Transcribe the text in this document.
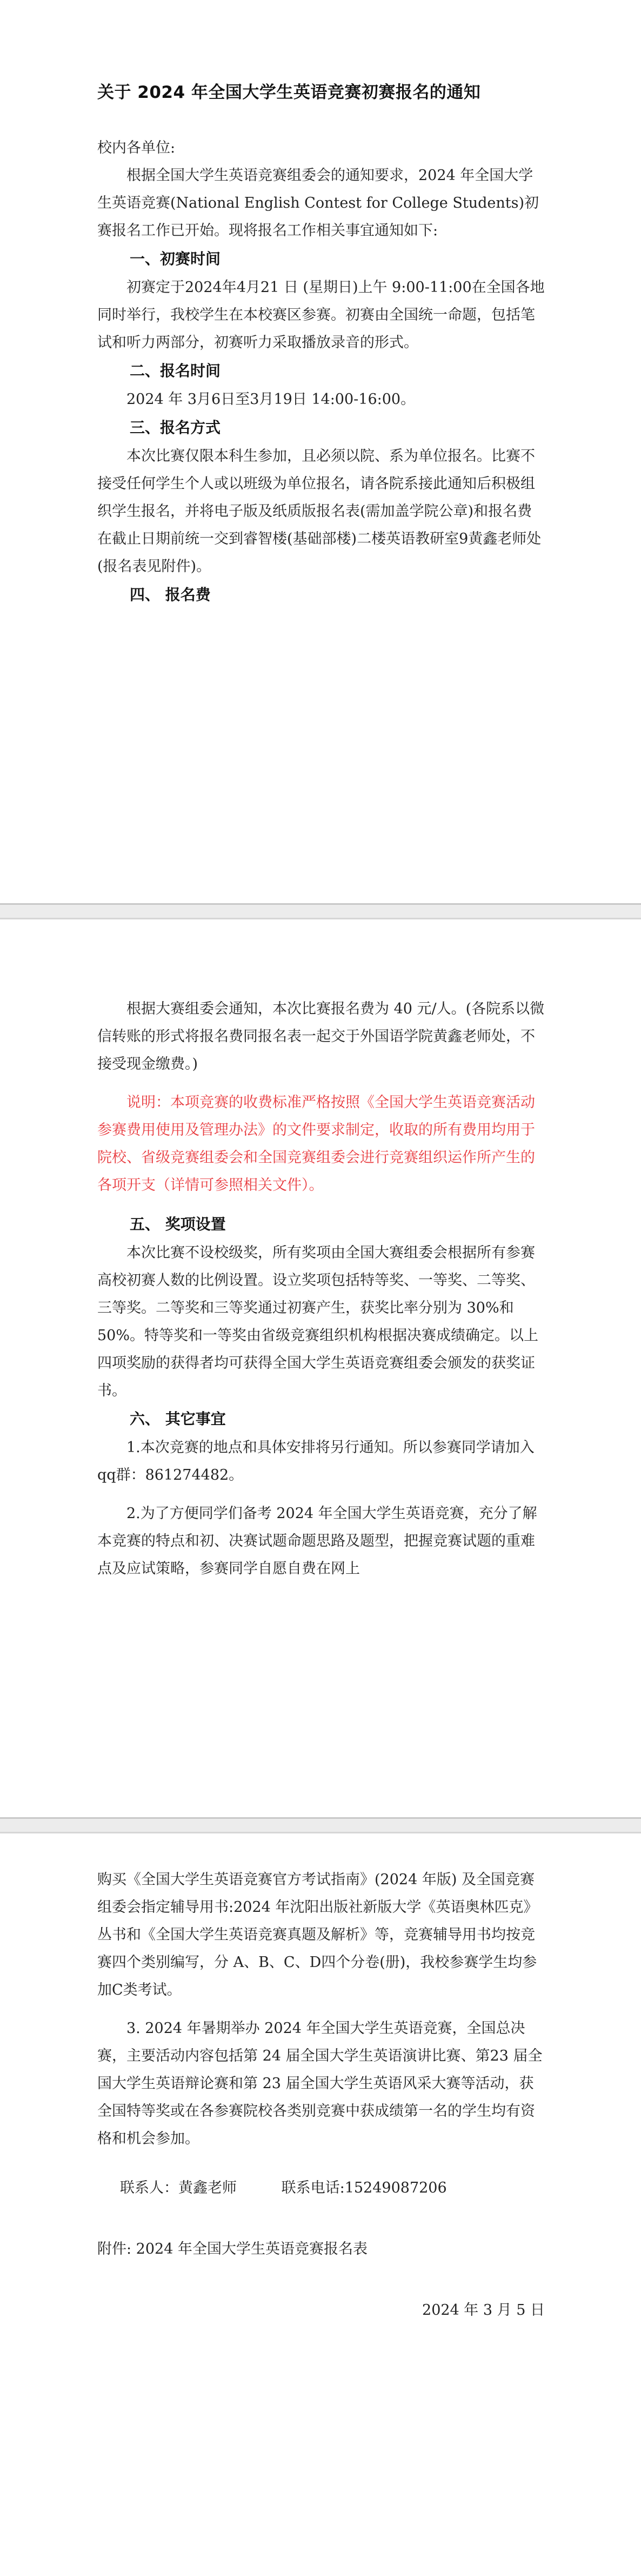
关于 2024 年全国大学生英语竞赛初赛报名的通知

校内各单位:

根据全国大学生英语竞赛组委会的通知要求，2024 年全国大学生英语竞赛(National English Contest for College Students)初赛报名工作已开始。现将报名工作相关事宜通知如下:

一、初赛时间

初赛定于2024年4月21 日 (星期日)上午 9:00-11:00在全国各地同时举行，我校学生在本校赛区参赛。初赛由全国统一命题，包括笔试和听力两部分，初赛听力采取播放录音的形式。

二、报名时间

2024 年 3月6日至3月19日 14:00-16:00。

三、报名方式

本次比赛仅限本科生参加，且必须以院、系为单位报名。比赛不接受任何学生个人或以班级为单位报名，请各院系接此通知后积极组织学生报名，并将电子版及纸质版报名表(需加盖学院公章)和报名费在截止日期前统一交到睿智楼(基础部楼)二楼英语教研室9黄鑫老师处(报名表见附件)。

四、 报名费

根据大赛组委会通知，本次比赛报名费为 40 元/人。(各院系以微信转账的形式将报名费同报名表一起交于外国语学院黄鑫老师处，不接受现金缴费。)

说明：本项竞赛的收费标准严格按照《全国大学生英语竞赛活动参赛费用使用及管理办法》的文件要求制定，收取的所有费用均用于院校、省级竞赛组委会和全国竞赛组委会进行竞赛组织运作所产生的各项开支（详情可参照相关文件）。

五、 奖项设置

本次比赛不设校级奖，所有奖项由全国大赛组委会根据所有参赛高校初赛人数的比例设置。设立奖项包括特等奖、一等奖、二等奖、三等奖。二等奖和三等奖通过初赛产生，获奖比率分别为 30%和 50%。特等奖和一等奖由省级竞赛组织机构根据决赛成绩确定。以上四项奖励的获得者均可获得全国大学生英语竞赛组委会颁发的获奖证书。

六、 其它事宜

1.本次竞赛的地点和具体安排将另行通知。所以参赛同学请加入qq群：861274482。

2.为了方便同学们备考 2024 年全国大学生英语竞赛，充分了解本竞赛的特点和初、决赛试题命题思路及题型，把握竞赛试题的重难点及应试策略，参赛同学自愿自费在网上

购买《全国大学生英语竞赛官方考试指南》(2024 年版) 及全国竞赛组委会指定辅导用书:2024 年沈阳出版社新版大学《英语奥林匹克》丛书和《全国大学生英语竞赛真题及解析》等，竞赛辅导用书均按竞赛四个类别编写，分 A、B、C、D四个分卷(册)，我校参赛学生均参加C类考试。

3. 2024 年暑期举办 2024 年全国大学生英语竞赛，全国总决赛，主要活动内容包括第 24 届全国大学生英语演讲比赛、第23 届全国大学生英语辩论赛和第 23 届全国大学生英语风采大赛等活动，获全国特等奖或在各参赛院校各类别竞赛中获成绩第一名的学生均有资格和机会参加。

联系人：黄鑫老师	联系电话:15249087206

附件: 2024 年全国大学生英语竞赛报名表

2024 年 3 月 5 日
